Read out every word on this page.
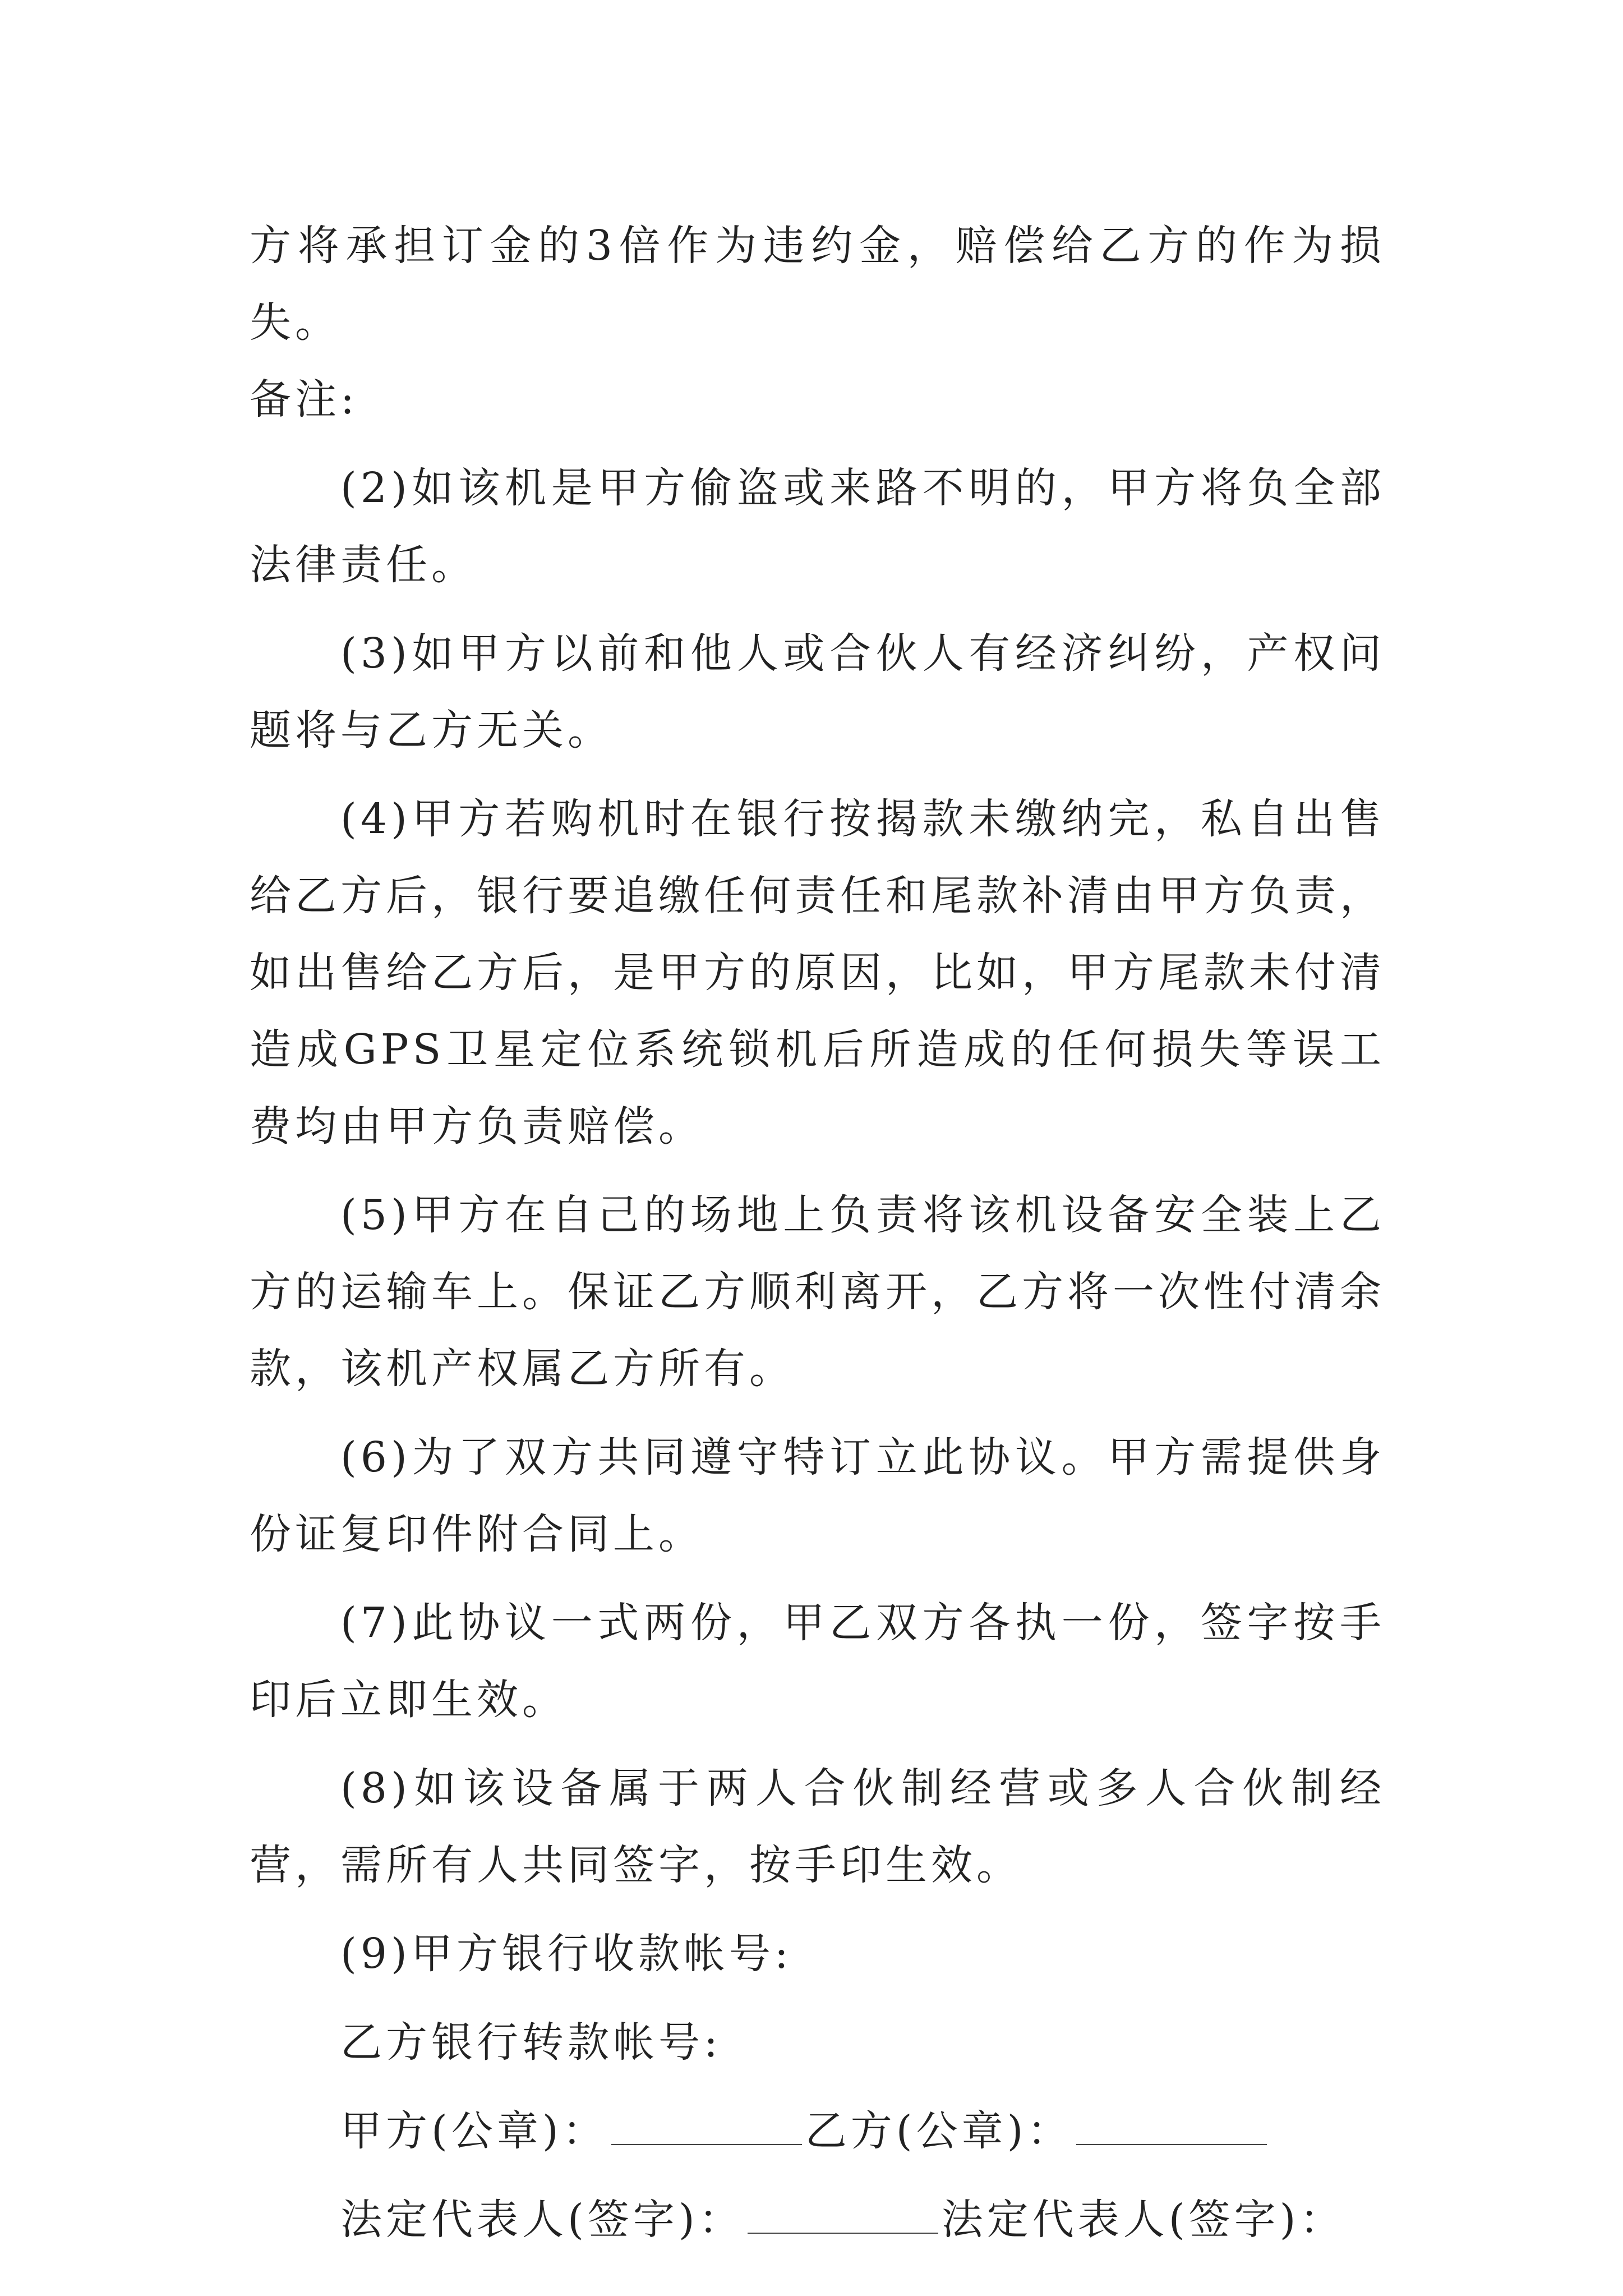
方将承担订金的3倍作为违约金，赔偿给乙方的作为损失。

备注:

(2)如该机是甲方偷盗或来路不明的，甲方将负全部法律责任。

(3)如甲方以前和他人或合伙人有经济纠纷，产权问题将与乙方无关。

(4)甲方若购机时在银行按揭款未缴纳完，私自出售给乙方后，银行要追缴任何责任和尾款补清由甲方负责，如出售给乙方后，是甲方的原因，比如，甲方尾款未付清造成GPS卫星定位系统锁机后所造成的任何损失等误工费均由甲方负责赔偿。

(5)甲方在自己的场地上负责将该机设备安全装上乙方的运输车上。保证乙方顺利离开，乙方将一次性付清余款，该机产权属乙方所有。

(6)为了双方共同遵守特订立此协议。甲方需提供身份证复印件附合同上。

(7)此协议一式两份，甲乙双方各执一份，签字按手印后立即生效。

(8)如该设备属于两人合伙制经营或多人合伙制经营，需所有人共同签字，按手印生效。

(9)甲方银行收款帐号:

乙方银行转款帐号:

甲方(公章)：	乙方(公章)：
法定代表人(签字)：	法定代表人(签字)：
